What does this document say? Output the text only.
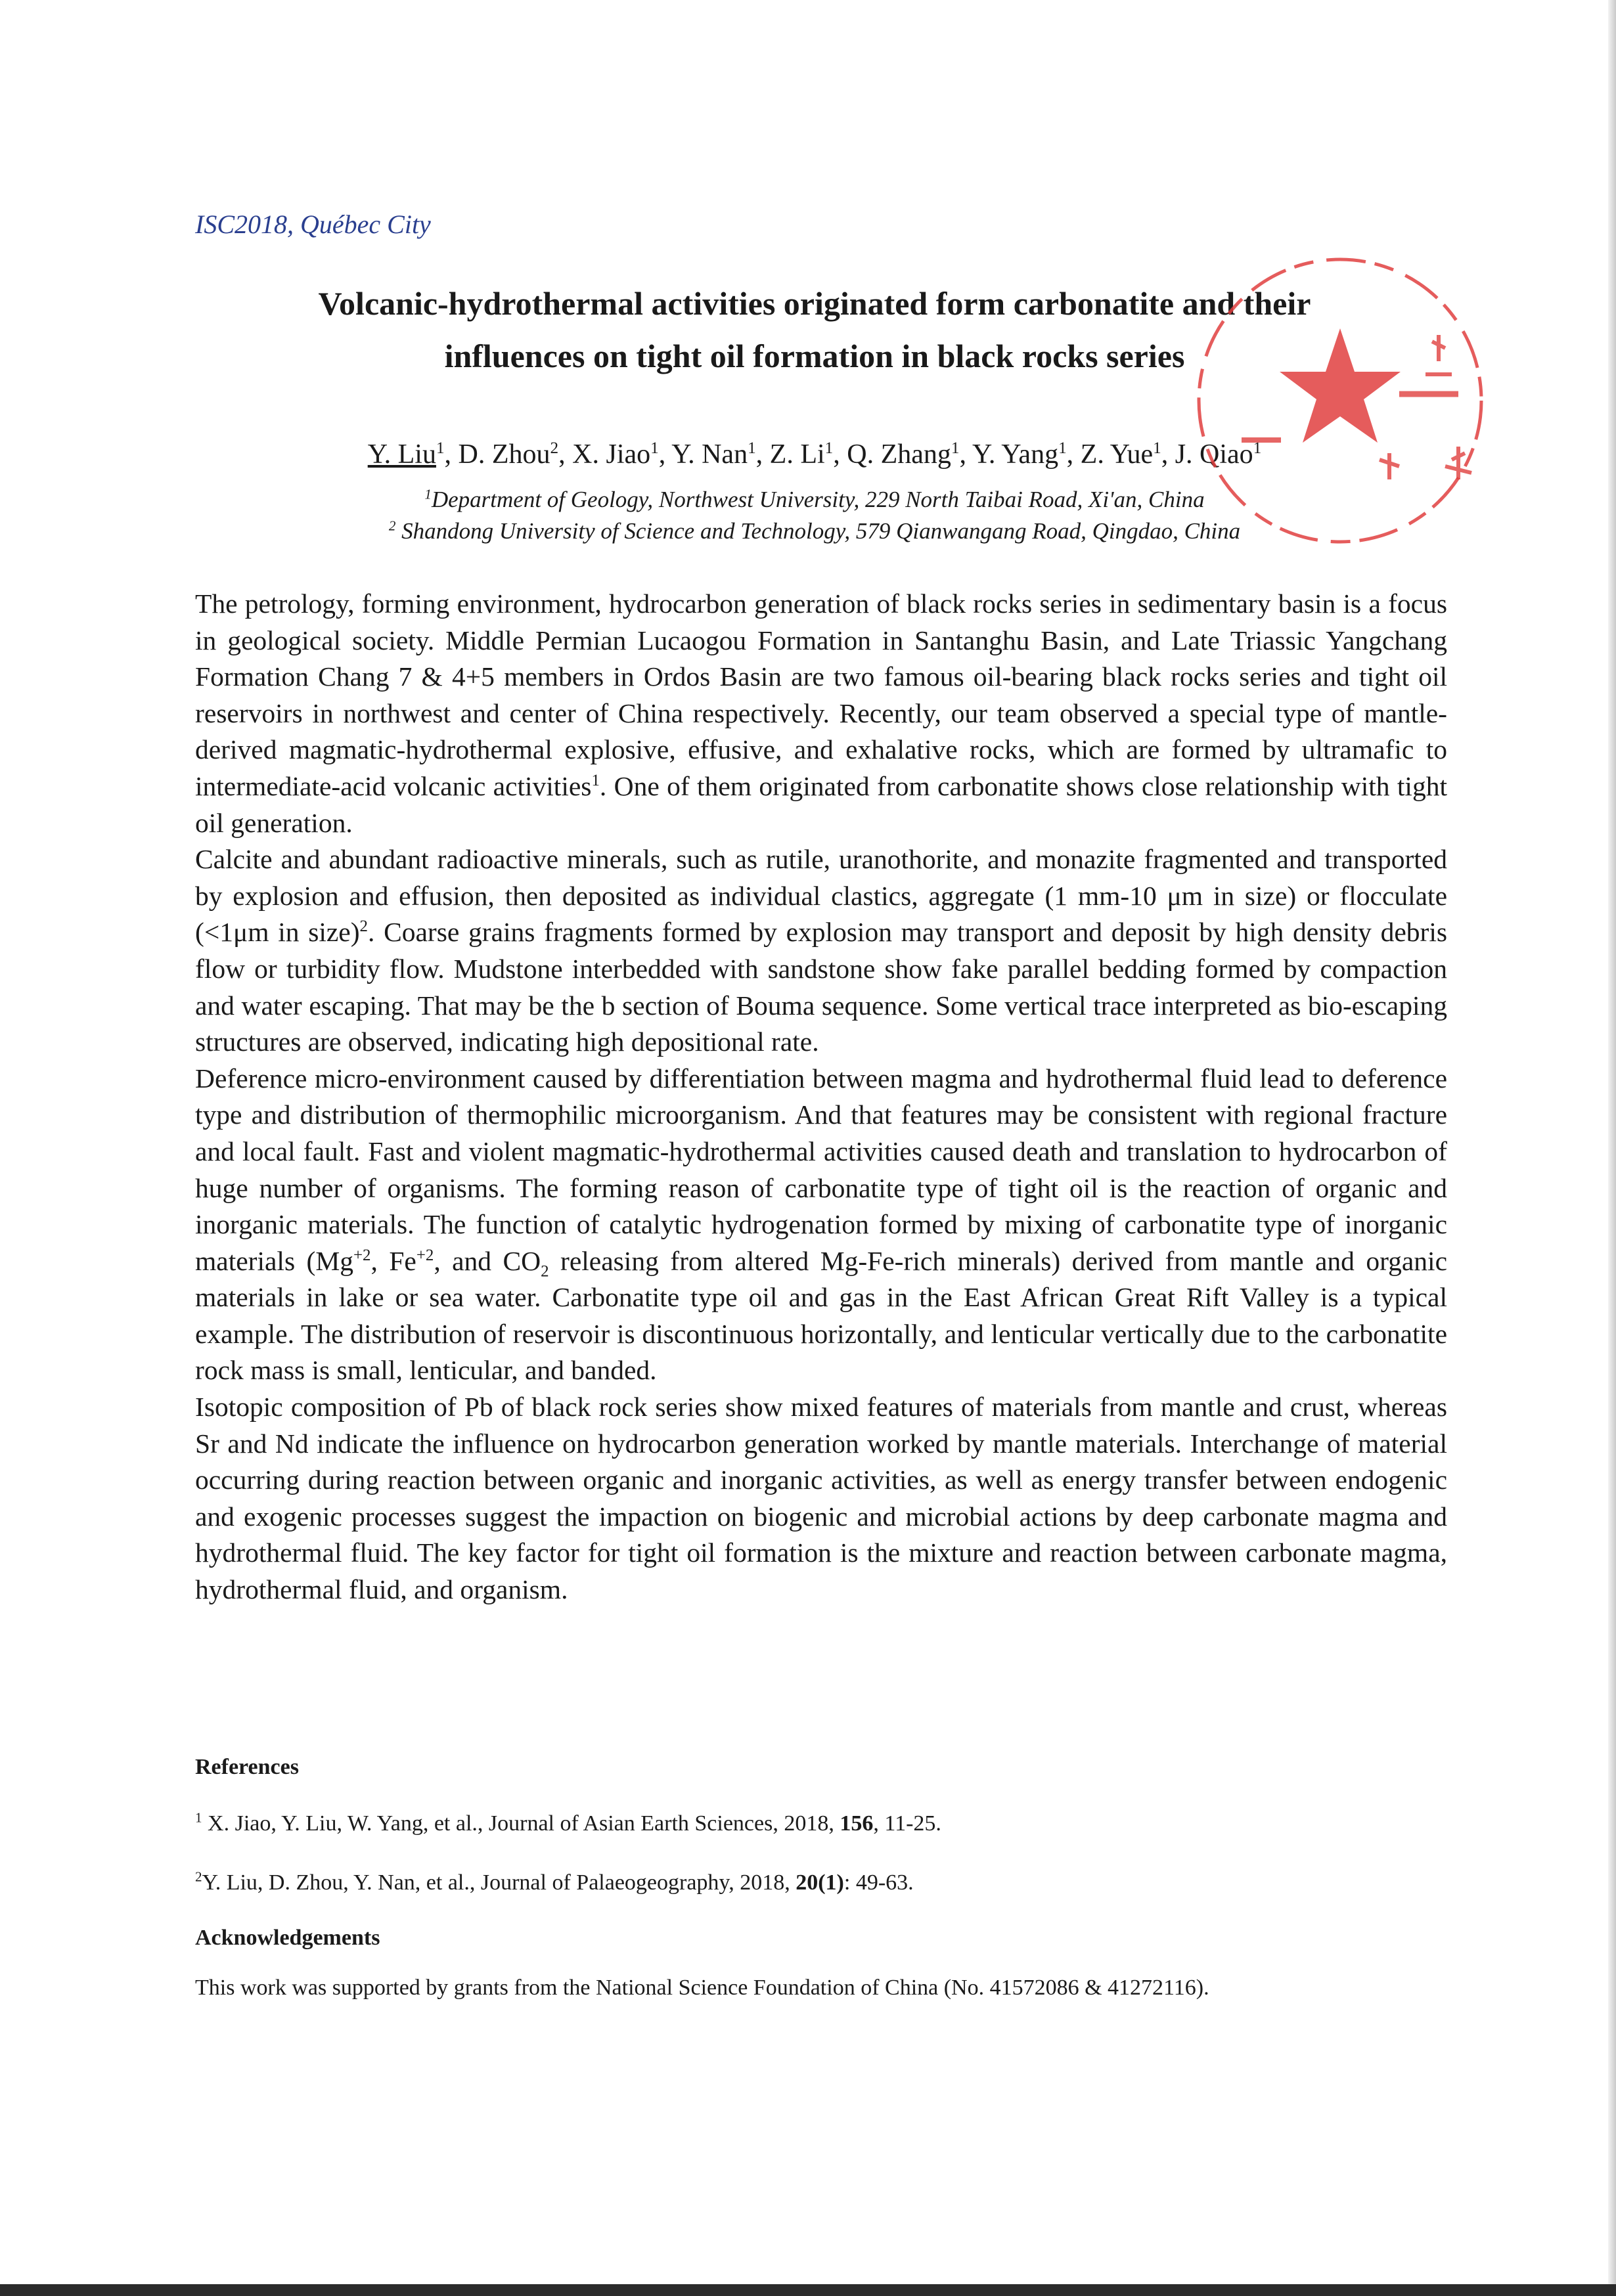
ISC2018, Québec City
Volcanic-hydrothermal activities originated form carbonatite and their
influences on tight oil formation in black rocks series
Y. Liu$^1$, D. Zhou$^2$, X. Jiao$^1$, Y. Nan$^1$, Z. Li$^1$, Q. Zhang$^1$, Y. Yang$^1$, Z. Yue$^1$, J. Qiao$^1$
$^1$Department of Geology, Northwest University, 229 North Taibai Road, Xi'an, China
$^2$ Shandong University of Science and Technology, 579 Qianwangang Road, Qingdao, China

The petrology, forming environment, hydrocarbon generation of black rocks series in sedimentary basin is a focus in geological society. Middle Permian Lucaogou Formation in Santanghu Basin, and Late Triassic Yangchang Formation Chang 7 & 4+5 members in Ordos Basin are two famous oil-bearing black rocks series and tight oil reservoirs in northwest and center of China respectively. Recently, our team observed a special type of mantle-derived magmatic-hydrothermal explosive, effusive, and exhalative rocks, which are formed by ultramafic to intermediate-acid volcanic activities$^1$. One of them originated from carbonatite shows close relationship with tight oil generation.

Calcite and abundant radioactive minerals, such as rutile, uranothorite, and monazite fragmented and transported by explosion and effusion, then deposited as individual clastics, aggregate (1 mm-10 μm in size) or flocculate (<1μm in size)$^2$. Coarse grains fragments formed by explosion may transport and deposit by high density debris flow or turbidity flow. Mudstone interbedded with sandstone show fake parallel bedding formed by compaction and water escaping. That may be the b section of Bouma sequence. Some vertical trace interpreted as bio-escaping structures are observed, indicating high depositional rate.

Deference micro-environment caused by differentiation between magma and hydrothermal fluid lead to deference type and distribution of thermophilic microorganism. And that features may be consistent with regional fracture and local fault. Fast and violent magmatic-hydrothermal activities caused death and translation to hydrocarbon of huge number of organisms. The forming reason of carbonatite type of tight oil is the reaction of organic and inorganic materials. The function of catalytic hydrogenation formed by mixing of carbonatite type of inorganic materials ($Mg^{+2}$, $Fe^{+2}$, and $CO_2$ releasing from altered Mg-Fe-rich minerals) derived from mantle and organic materials in lake or sea water. Carbonatite type oil and gas in the East African Great Rift Valley is a typical example. The distribution of reservoir is discontinuous horizontally, and lenticular vertically due to the carbonatite rock mass is small, lenticular, and banded.

Isotopic composition of Pb of black rock series show mixed features of materials from mantle and crust, whereas Sr and Nd indicate the influence on hydrocarbon generation worked by mantle materials. Interchange of material occurring during reaction between organic and inorganic activities, as well as energy transfer between endogenic and exogenic processes suggest the impaction on biogenic and microbial actions by deep carbonate magma and hydrothermal fluid. The key factor for tight oil formation is the mixture and reaction between carbonate magma, hydrothermal fluid, and organism.

References
$^1$ X. Jiao, Y. Liu, W. Yang, et al., Journal of Asian Earth Sciences, 2018, 156, 11-25.
$^2$Y. Liu, D. Zhou, Y. Nan, et al., Journal of Palaeogeography, 2018, 20(1): 49-63.
Acknowledgements
This work was supported by grants from the National Science Foundation of China (No. 41572086 & 41272116).
